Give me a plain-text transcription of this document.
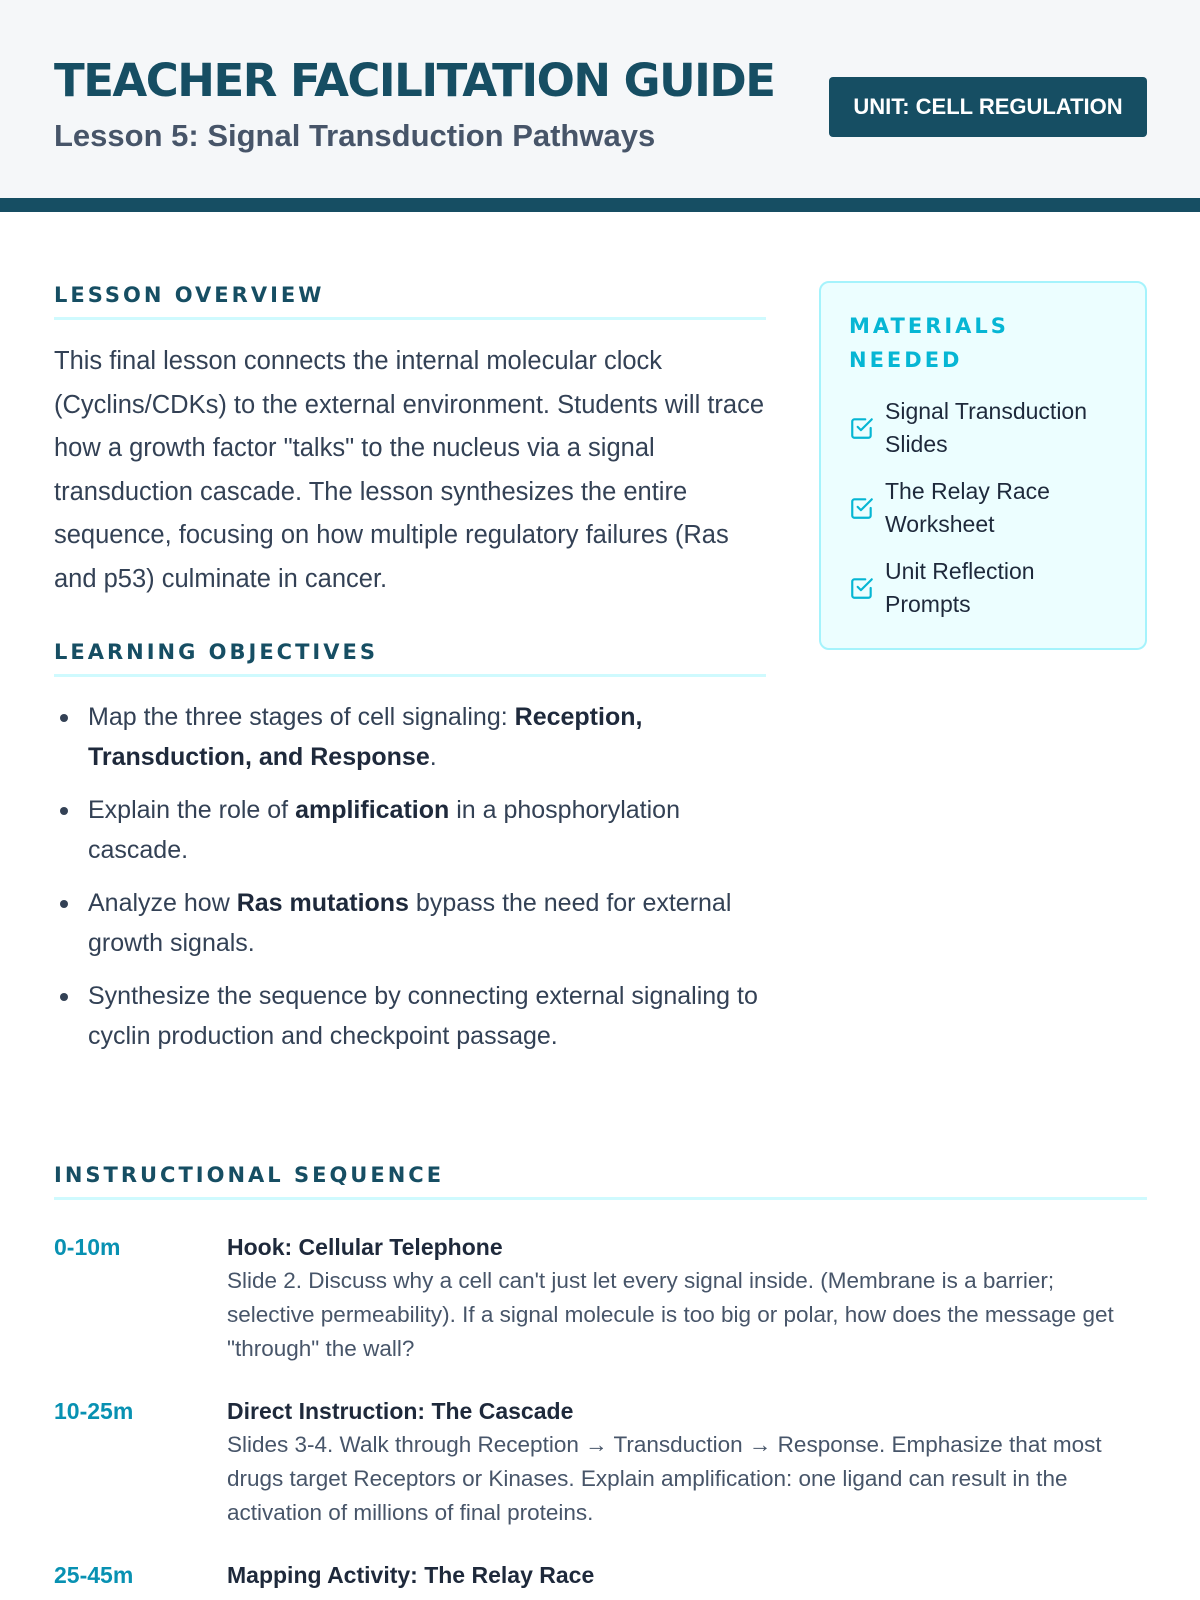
TEACHER FACILITATION GUIDE
Lesson 5: Signal Transduction Pathways
UNIT: CELL REGULATION
LESSON OVERVIEW

This final lesson connects the internal molecular clock (Cyclins/CDKs) to the external environment. Students will trace how a growth factor "talks" to the nucleus via a signal transduction cascade. The lesson synthesizes the entire sequence, focusing on how multiple regulatory failures (Ras and p53) culminate in cancer.

LEARNING OBJECTIVES
Map the three stages of cell signaling: Reception, Transduction, and Response.
Explain the role of amplification in a phosphorylation cascade.
Analyze how Ras mutations bypass the need for external growth signals.
Synthesize the sequence by connecting external signaling to cyclin production and checkpoint passage.
MATERIALS NEEDED
Signal Transduction Slides
The Relay Race Worksheet
Unit Reflection Prompts
INSTRUCTIONAL SEQUENCE
0-10m	Hook: Cellular Telephone
Slide 2. Discuss why a cell can't just let every signal inside. (Membrane is a barrier; selective permeability). If a signal molecule is too big or polar, how does the message get "through" the wall?
10-25m	Direct Instruction: The Cascade
Slides 3-4. Walk through Reception → Transduction → Response. Emphasize that most drugs target Receptors or Kinases. Explain amplification: one ligand can result in the activation of millions of final proteins.
25-45m	Mapping Activity: The Relay Race
